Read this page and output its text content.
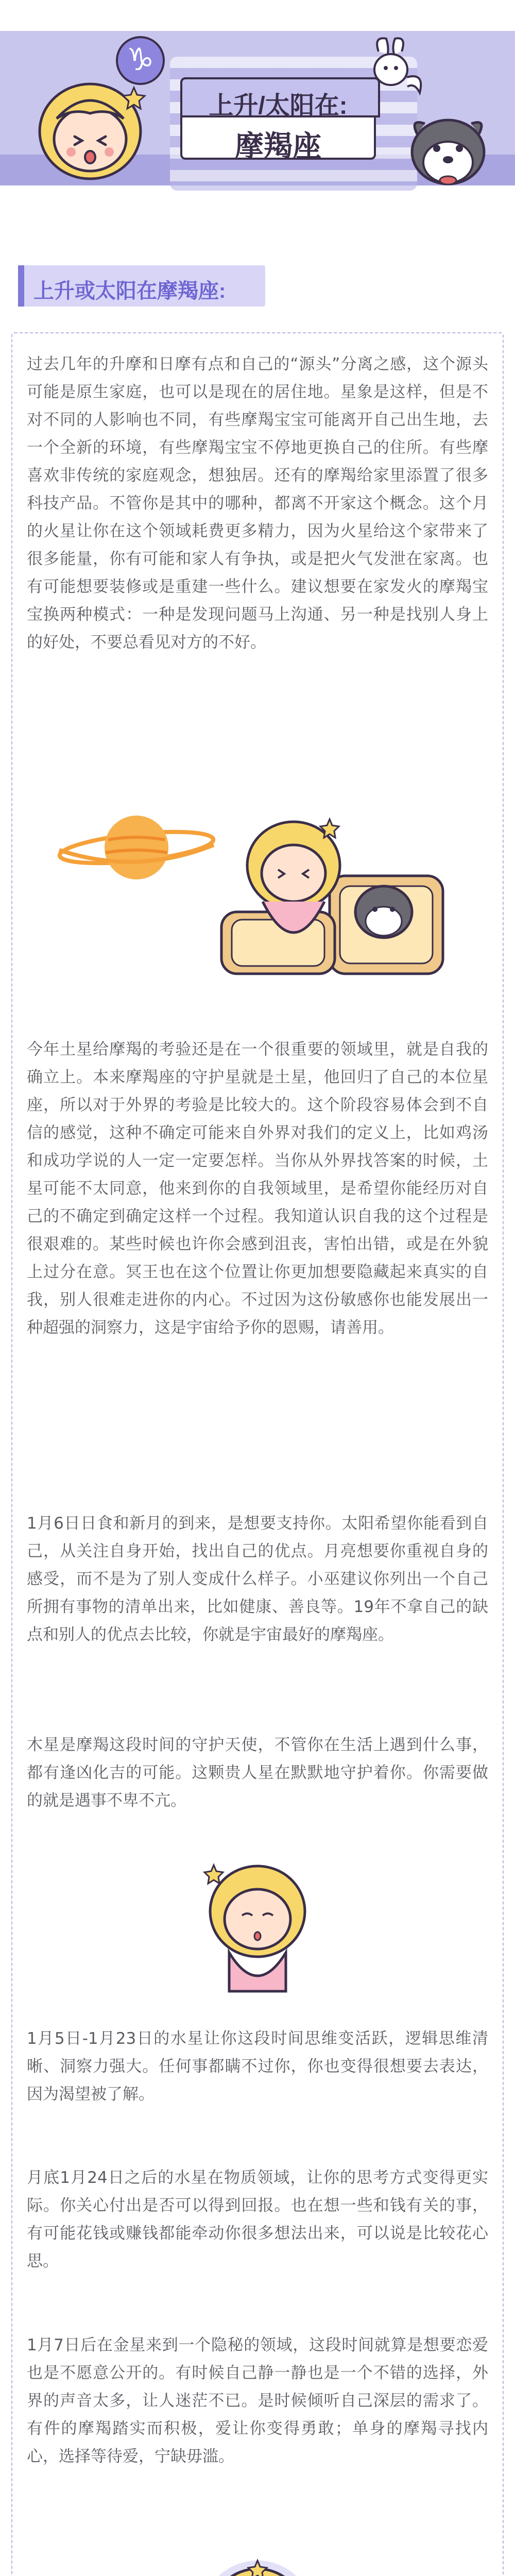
♑
上升/太阳在:
摩羯座
上升或太阳在摩羯座:

过去几年的升摩和日摩有点和自己的“源头”分离之感，这个源头可能是原生家庭，也可以是现在的居住地。星象是这样，但是不对不同的人影响也不同，有些摩羯宝宝可能离开自己出生地，去一个全新的环境，有些摩羯宝宝不停地更换自己的住所。有些摩喜欢非传统的家庭观念，想独居。还有的摩羯给家里添置了很多科技产品。不管你是其中的哪种，都离不开家这个概念。这个月的火星让你在这个领域耗费更多精力，因为火星给这个家带来了很多能量，你有可能和家人有争执，或是把火气发泄在家离。也有可能想要装修或是重建一些什么。建议想要在家发火的摩羯宝宝换两种模式：一种是发现问题马上沟通、另一种是找别人身上的好处，不要总看见对方的不好。

今年土星给摩羯的考验还是在一个很重要的领域里，就是自我的确立上。本来摩羯座的守护星就是土星，他回归了自己的本位星座，所以对于外界的考验是比较大的。这个阶段容易体会到不自信的感觉，这种不确定可能来自外界对我们的定义上，比如鸡汤和成功学说的人一定一定要怎样。当你从外界找答案的时候，土星可能不太同意，他来到你的自我领域里，是希望你能经历对自己的不确定到确定这样一个过程。我知道认识自我的这个过程是很艰难的。某些时候也许你会感到沮丧，害怕出错，或是在外貌上过分在意。冥王也在这个位置让你更加想要隐藏起来真实的自我，别人很难走进你的内心。不过因为这份敏感你也能发展出一种超强的洞察力，这是宇宙给予你的恩赐，请善用。

1月6日日食和新月的到来，是想要支持你。太阳希望你能看到自己，从关注自身开始，找出自己的优点。月亮想要你重视自身的感受，而不是为了别人变成什么样子。小巫建议你列出一个自己所拥有事物的清单出来，比如健康、善良等。19年不拿自己的缺点和别人的优点去比较，你就是宇宙最好的摩羯座。

木星是摩羯这段时间的守护天使，不管你在生活上遇到什么事，都有逢凶化吉的可能。这颗贵人星在默默地守护着你。你需要做的就是遇事不卑不亢。

1月5日-1月23日的水星让你这段时间思维变活跃，逻辑思维清晰、洞察力强大。任何事都瞒不过你，你也变得很想要去表达，因为渴望被了解。

月底1月24日之后的水星在物质领域，让你的思考方式变得更实际。你关心付出是否可以得到回报。也在想一些和钱有关的事，有可能花钱或赚钱都能牵动你很多想法出来，可以说是比较花心思。

1月7日后在金星来到一个隐秘的领域，这段时间就算是想要恋爱也是不愿意公开的。有时候自己静一静也是一个不错的选择，外界的声音太多，让人迷茫不已。是时候倾听自己深层的需求了。有件的摩羯踏实而积极，爱让你变得勇敢；单身的摩羯寻找内心，选择等待爱，宁缺毋滥。
